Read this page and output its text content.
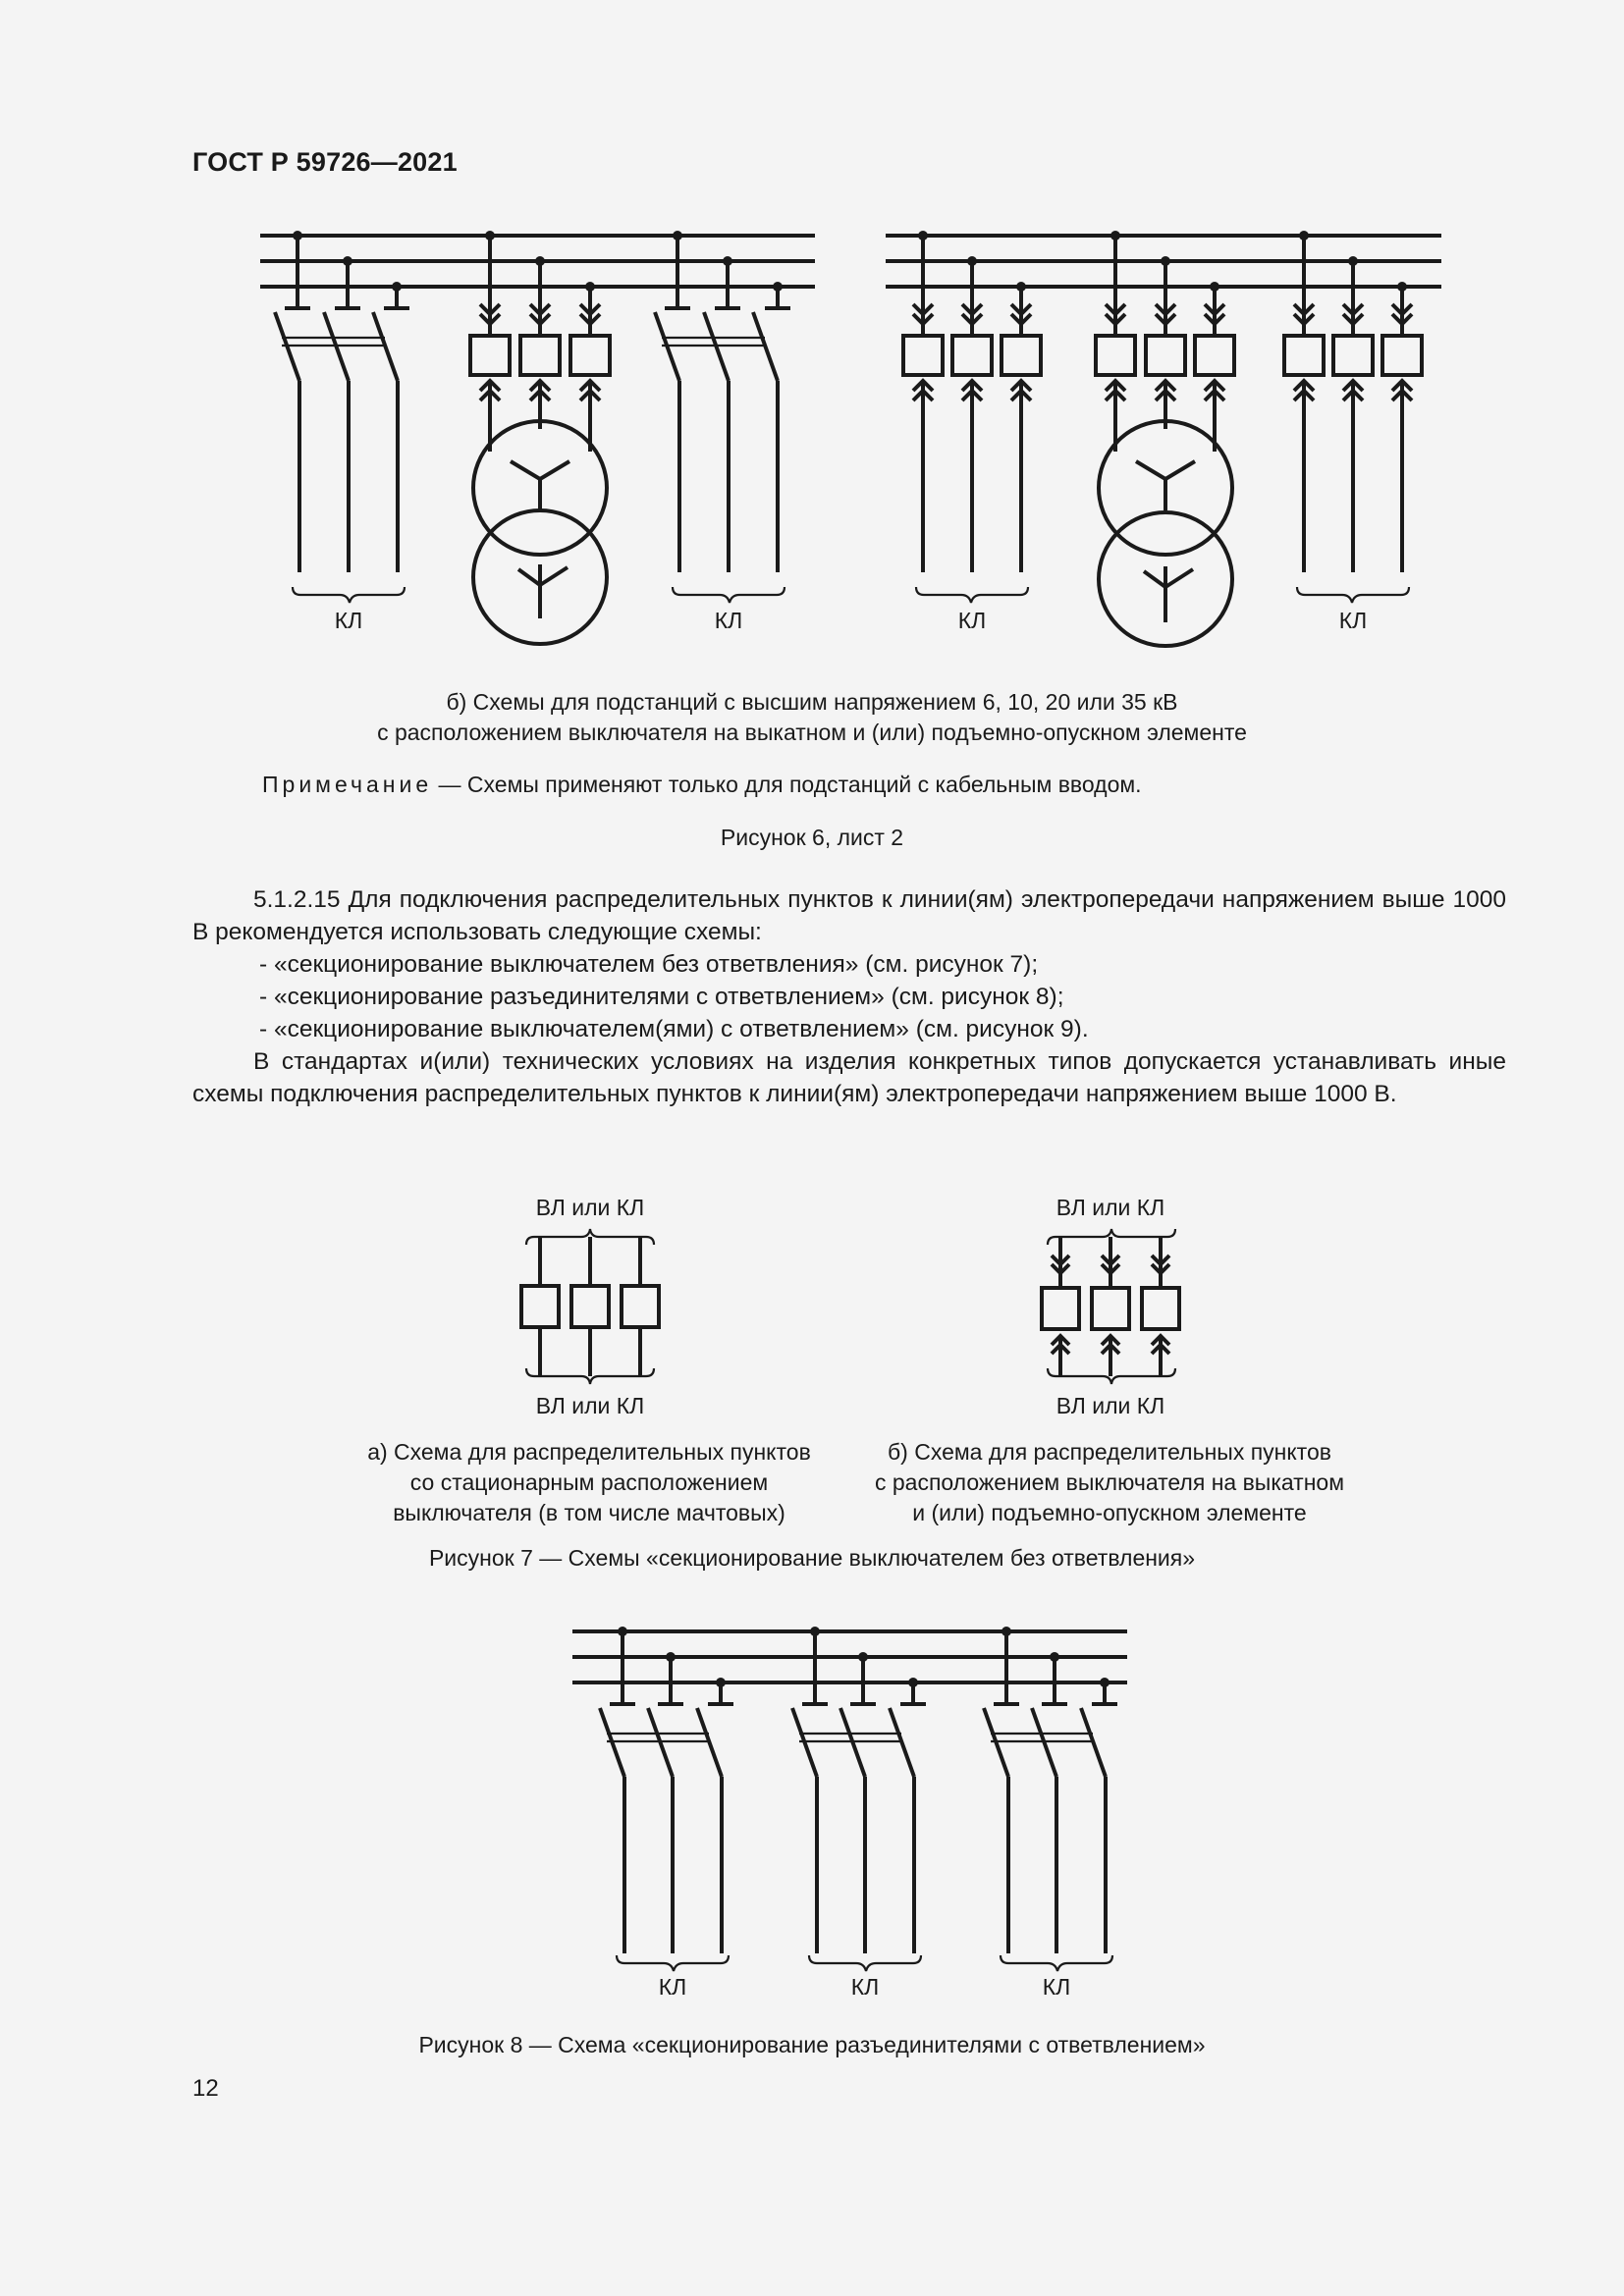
ГОСТ Р 59726—2021
КЛ	КЛ	КЛ	КЛ
б) Схемы для подстанций с высшим напряжением 6, 10, 20 или 35 кВ
с расположением выключателя на выкатном и (или) подъемно-опускном элементе
Примечание — Схемы применяют только для подстанций с кабельным вводом.
Рисунок 6, лист 2

5.1.2.15 Для подключения распределительных пунктов к линии(ям) электропередачи напряжением выше 1000 В рекомендуется использовать следующие схемы:

- «секционирование выключателем без ответвления» (см. рисунок 7);

- «секционирование разъединителями с ответвлением» (см. рисунок 8);

- «секционирование выключателем(ями) с ответвлением» (см. рисунок 9).

В стандартах и(или) технических условиях на изделия конкретных типов допускается устанавливать иные схемы подключения распределительных пунктов к линии(ям) электропередачи напряжением выше 1000 В.

ВЛ или КЛ
ВЛ или КЛ
ВЛ или КЛ
ВЛ или КЛ
а) Схема для распределительных пунктов
со стационарным расположением
выключателя (в том числе мачтовых)
б) Схема для распределительных пунктов
с расположением выключателя на выкатном
и (или) подъемно-опускном элементе
Рисунок 7 — Схемы «секционирование выключателем без ответвления»
КЛ	КЛ	КЛ
Рисунок 8 — Схема «секционирование разъединителями с ответвлением»
12
